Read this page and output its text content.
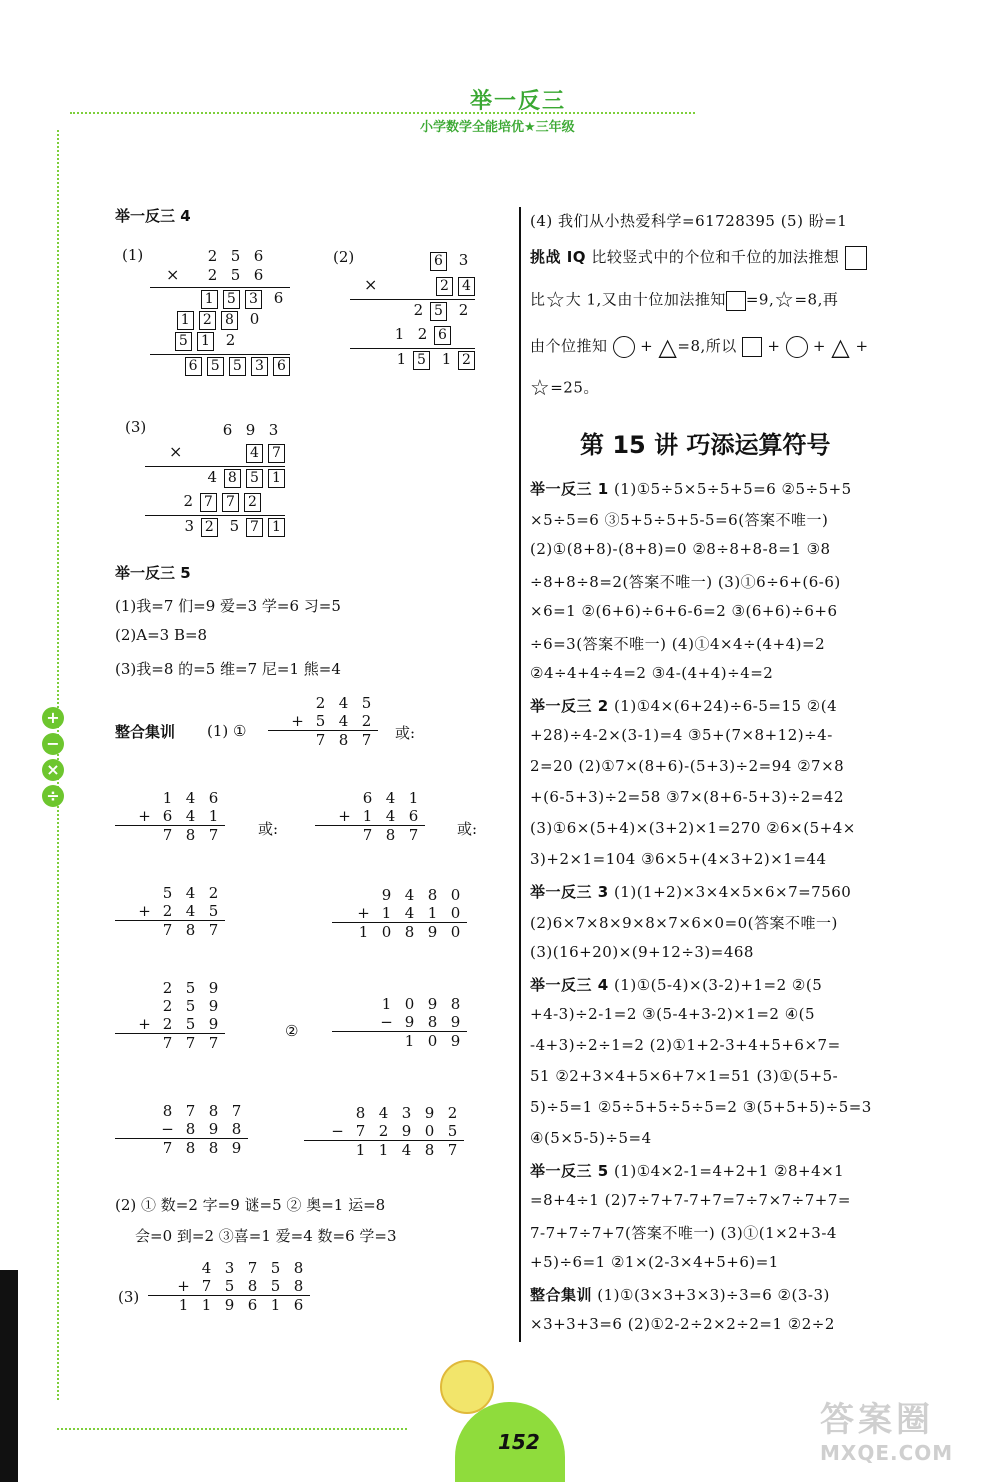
举一反三
小学数学全能培优★三年级
+
−
×
÷
举一反三 4
(1)	2 5 6
× 2 5 6
1 5 3 6
1 2 8 0
5 1 2
6 5 5 3 6
(2)	6 3
×	2 4
2 5 2
1 2 6
1 5 1 2
(3)	6 9 3
×	4 7
4 8 5 1
2 7 7 2
3 2 5 7 1
举一反三 5
(1)我=7 们=9 爱=3 学=6 习=5
(2)A=3 B=8
(3)我=8 的=5 维=7 尼=1 熊=4
整合集训 (1) ①
2 4 5
+ 5 4 2
7 8 7	或:
1 4 6
+ 6 4 1
7 8 7	或:
6 4 1
+ 1 4 6
7 8 7	或:
5 4 2
+ 2 4 5
7 8 7
9 4 8 0
+ 1 4 1 0
1 0 8 9 0
2 5 9
2 5 9
+ 2 5 9
7 7 7
②
1 0 9 8
− 9 8 9
1 0 9
8 7 8 7
− 8 9 8
7 8 8 9
8 4 3 9 2
− 7 2 9 0 5
1 1 4 8 7
(2) ① 数=2 字=9 谜=5 ② 奥=1 运=8
会=0 到=2 ③喜=1 爱=4 数=6 学=3
(3)
4 3 7 5 8
+ 7 5 8 5 8
1 1 9 6 1 6
(4) 我们从小热爱科学=61728395 (5) 盼=1
挑战 IQ 比较竖式中的个位和千位的加法推想
比☆大 1,又由十位加法推知 =9,☆=8,再
由个位推知  + △=8,所以  +  + △ +
☆=25。
第 15 讲 巧添运算符号
举一反三 1 (1)①5÷5×5÷5+5=6 ②5÷5+5
×5÷5=6 ③5+5÷5+5-5=6(答案不唯一)
(2)①(8+8)-(8+8)=0 ②8÷8+8-8=1 ③8
÷8+8÷8=2(答案不唯一) (3)①6÷6+(6-6)
×6=1 ②(6+6)÷6+6-6=2 ③(6+6)÷6+6
÷6=3(答案不唯一) (4)①4×4÷(4+4)=2
②4÷4+4÷4=2 ③4-(4+4)÷4=2
举一反三 2 (1)①4×(6+24)÷6-5=15 ②(4
+28)÷4-2×(3-1)=4 ③5+(7×8+12)÷4-
2=20 (2)①7×(8+6)-(5+3)÷2=94 ②7×8
+(6-5+3)÷2=58 ③7×(8+6-5+3)÷2=42
(3)①6×(5+4)×(3+2)×1=270 ②6×(5+4×
3)+2×1=104 ③6×5+(4×3+2)×1=44
举一反三 3 (1)(1+2)×3×4×5×6×7=7560
(2)6×7×8×9×8×7×6×0=0(答案不唯一)
(3)(16+20)×(9+12÷3)=468
举一反三 4 (1)①(5-4)×(3-2)+1=2 ②(5
+4-3)÷2-1=2 ③(5-4+3-2)×1=2 ④(5
-4+3)÷2÷1=2 (2)①1+2-3+4+5+6×7=
51 ②2+3×4+5×6+7×1=51 (3)①(5+5-
5)÷5=1 ②5÷5+5÷5÷5=2 ③(5+5+5)÷5=3
④(5×5-5)÷5=4
举一反三 5 (1)①4×2-1=4+2+1 ②8+4×1
=8+4÷1 (2)7÷7+7-7+7=7÷7×7÷7+7=
7-7+7÷7+7(答案不唯一) (3)①(1×2+3-4
+5)÷6=1 ②1×(2-3×4+5+6)=1
整合集训 (1)①(3×3+3×3)÷3=6 ②(3-3)
×3+3+3=6 (2)①2-2÷2×2÷2=1 ②2÷2
152
答案圈
MXQE.COM
